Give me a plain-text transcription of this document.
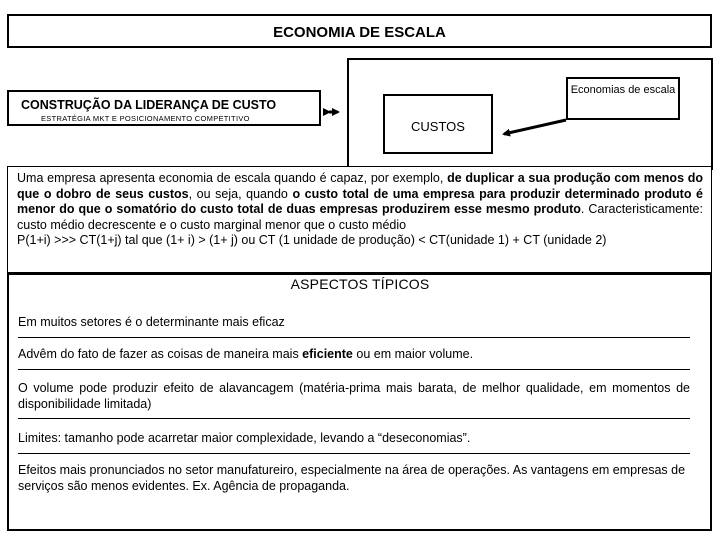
ECONOMIA DE ESCALA
CUSTOS
Economias de escala
CONSTRUÇÃO DA LIDERANÇA DE CUSTO
ESTRATÉGIA MKT E POSICIONAMENTO COMPETITIVO
Uma empresa apresenta economia de escala quando é capaz, por exemplo, de duplicar a sua produção com menos do que o dobro de seus custos, ou seja, quando o custo total de uma empresa para produzir determinado produto é menor do que o somatório do custo total de duas empresas produzirem esse mesmo produto. Caracteristicamente: custo médio decrescente e o custo marginal menor que o custo médio
P(1+i) >>> CT(1+j) tal que (1+ i) > (1+ j) ou CT (1 unidade de produção) < CT(unidade 1) + CT (unidade 2)
ASPECTOS TÍPICOS
Em muitos setores é o determinante mais eficaz
Advêm do fato de fazer as coisas de maneira mais eficiente ou em maior volume.
O volume pode produzir efeito de alavancagem (matéria-prima mais barata, de melhor qualidade, em momentos de disponibilidade limitada)
Limites: tamanho pode acarretar maior complexidade, levando a “deseconomias”.
Efeitos mais pronunciados no setor manufatureiro, especialmente na área de operações. As vantagens em empresas de serviços são menos evidentes. Ex. Agência de propaganda.
